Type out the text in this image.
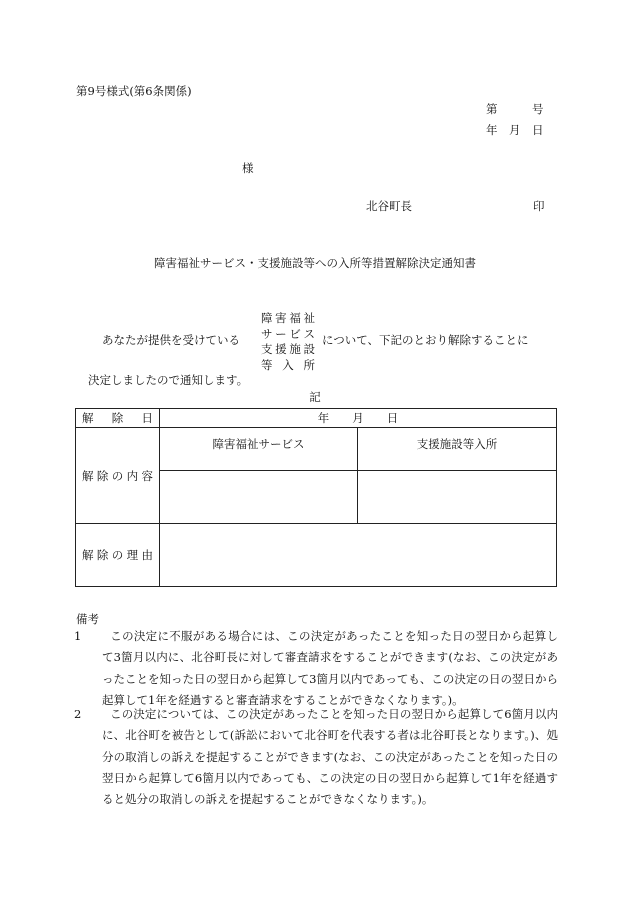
第9号様式(第6条関係)
第　　　号
年　月　日
様
北谷町長	印
障害福祉サービス・支援施設等への入所等措置解除決定通知書
あなたが提供を受けている
障害福祉
サービス
支援施設
等入所
について、下記のとおり解除することに
決定しましたので通知します。
記
解除日	年　　月　　日	

解除の内容	障害福祉サービス	支援施設等入所

解除の理由		

備考

1 この決定に不服がある場合には、この決定があったことを知った日の翌日から起算して3箇月以内に、北谷町長に対して審査請求をすることができます(なお、この決定があったことを知った日の翌日から起算して3箇月以内であっても、この決定の日の翌日から起算して1年を経過すると審査請求をすることができなくなります。)。

2 この決定については、この決定があったことを知った日の翌日から起算して6箇月以内に、北谷町を被告として(訴訟において北谷町を代表する者は北谷町長となります。)、処分の取消しの訴えを提起することができます(なお、この決定があったことを知った日の翌日から起算して6箇月以内であっても、この決定の日の翌日から起算して1年を経過すると処分の取消しの訴えを提起することができなくなります。)。
